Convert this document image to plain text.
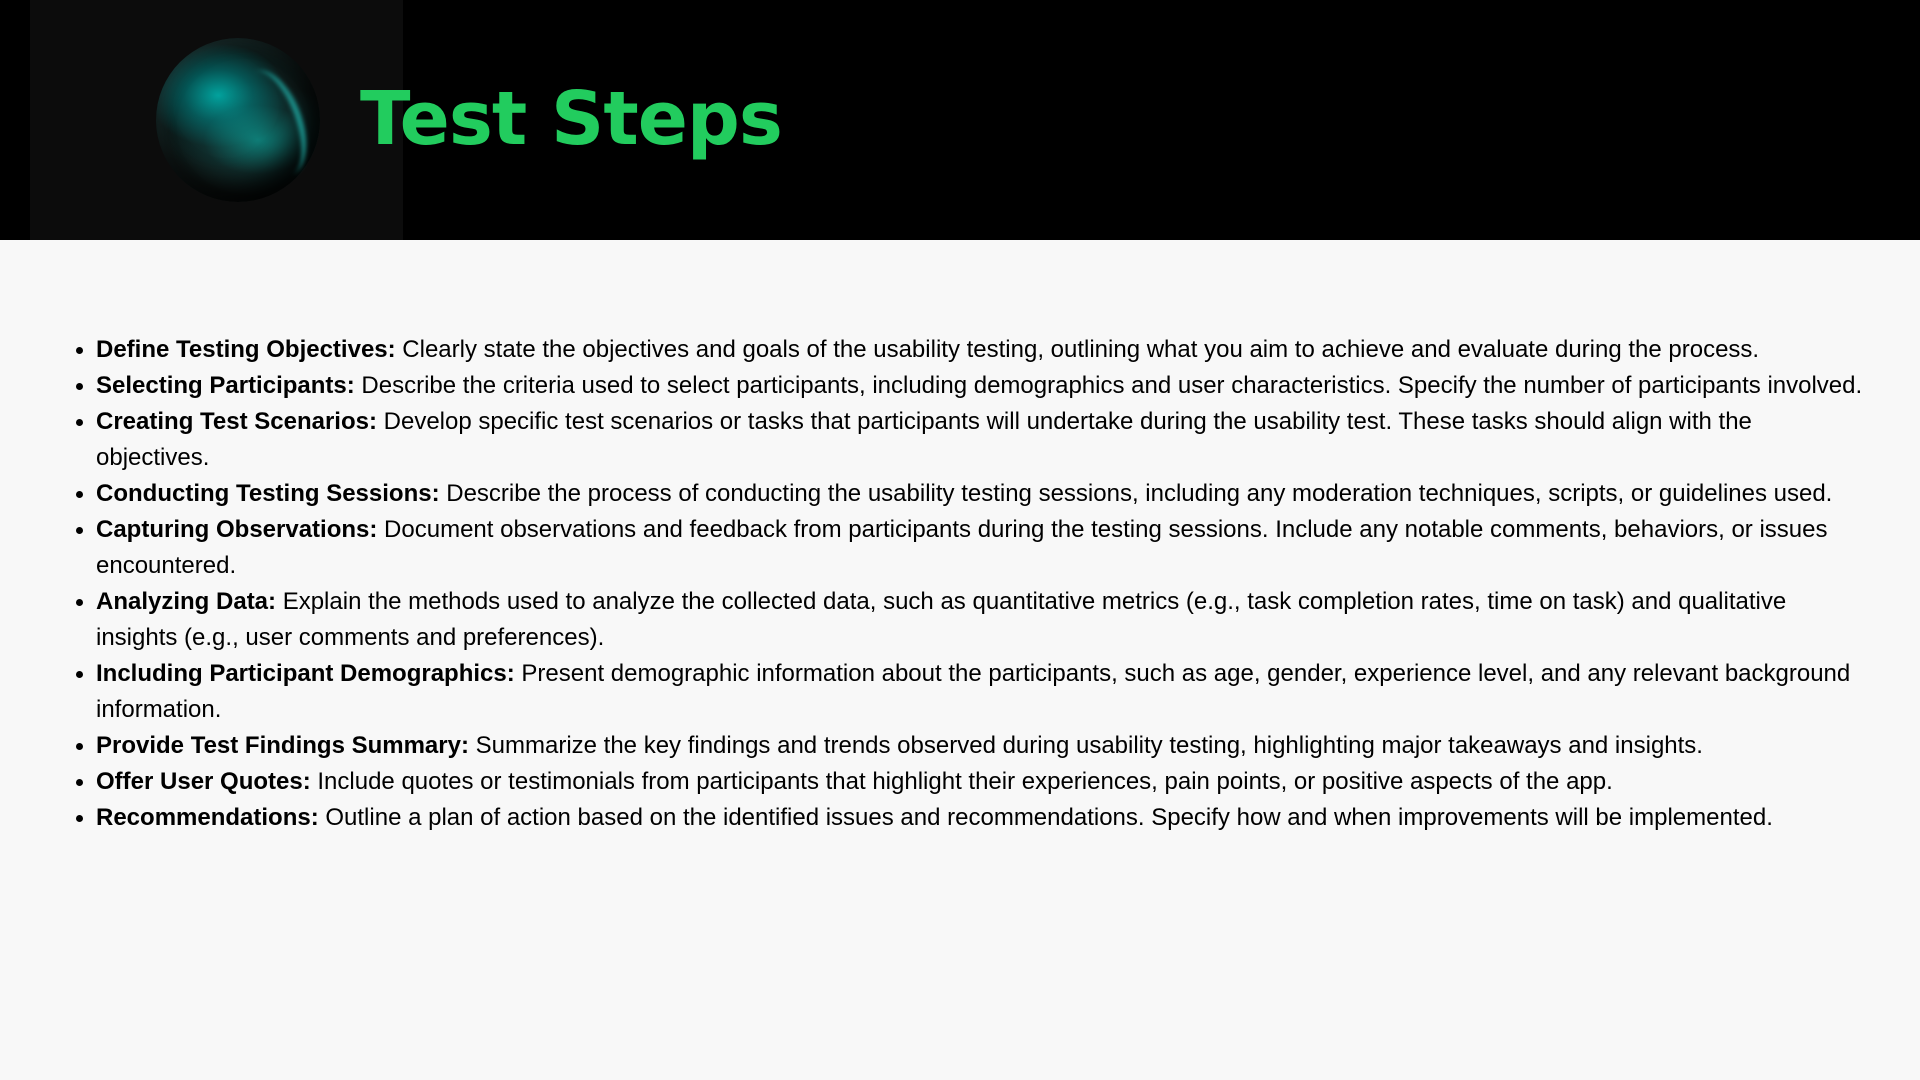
Test Steps
• Define Testing Objectives: Clearly state the objectives and goals of the usability testing, outlining what you aim to achieve and evaluate during the process.
• Selecting Participants: Describe the criteria used to select participants, including demographics and user characteristics. Specify the number of participants involved.
• Creating Test Scenarios: Develop specific test scenarios or tasks that participants will undertake during the usability test. These tasks should align with the objectives.
• Conducting Testing Sessions: Describe the process of conducting the usability testing sessions, including any moderation techniques, scripts, or guidelines used.
• Capturing Observations: Document observations and feedback from participants during the testing sessions. Include any notable comments, behaviors, or issues encountered.
• Analyzing Data: Explain the methods used to analyze the collected data, such as quantitative metrics (e.g., task completion rates, time on task) and qualitative insights (e.g., user comments and preferences).
• Including Participant Demographics: Present demographic information about the participants, such as age, gender, experience level, and any relevant background information.
• Provide Test Findings Summary: Summarize the key findings and trends observed during usability testing, highlighting major takeaways and insights.
• Offer User Quotes: Include quotes or testimonials from participants that highlight their experiences, pain points, or positive aspects of the app.
• Recommendations: Outline a plan of action based on the identified issues and recommendations. Specify how and when improvements will be implemented.
